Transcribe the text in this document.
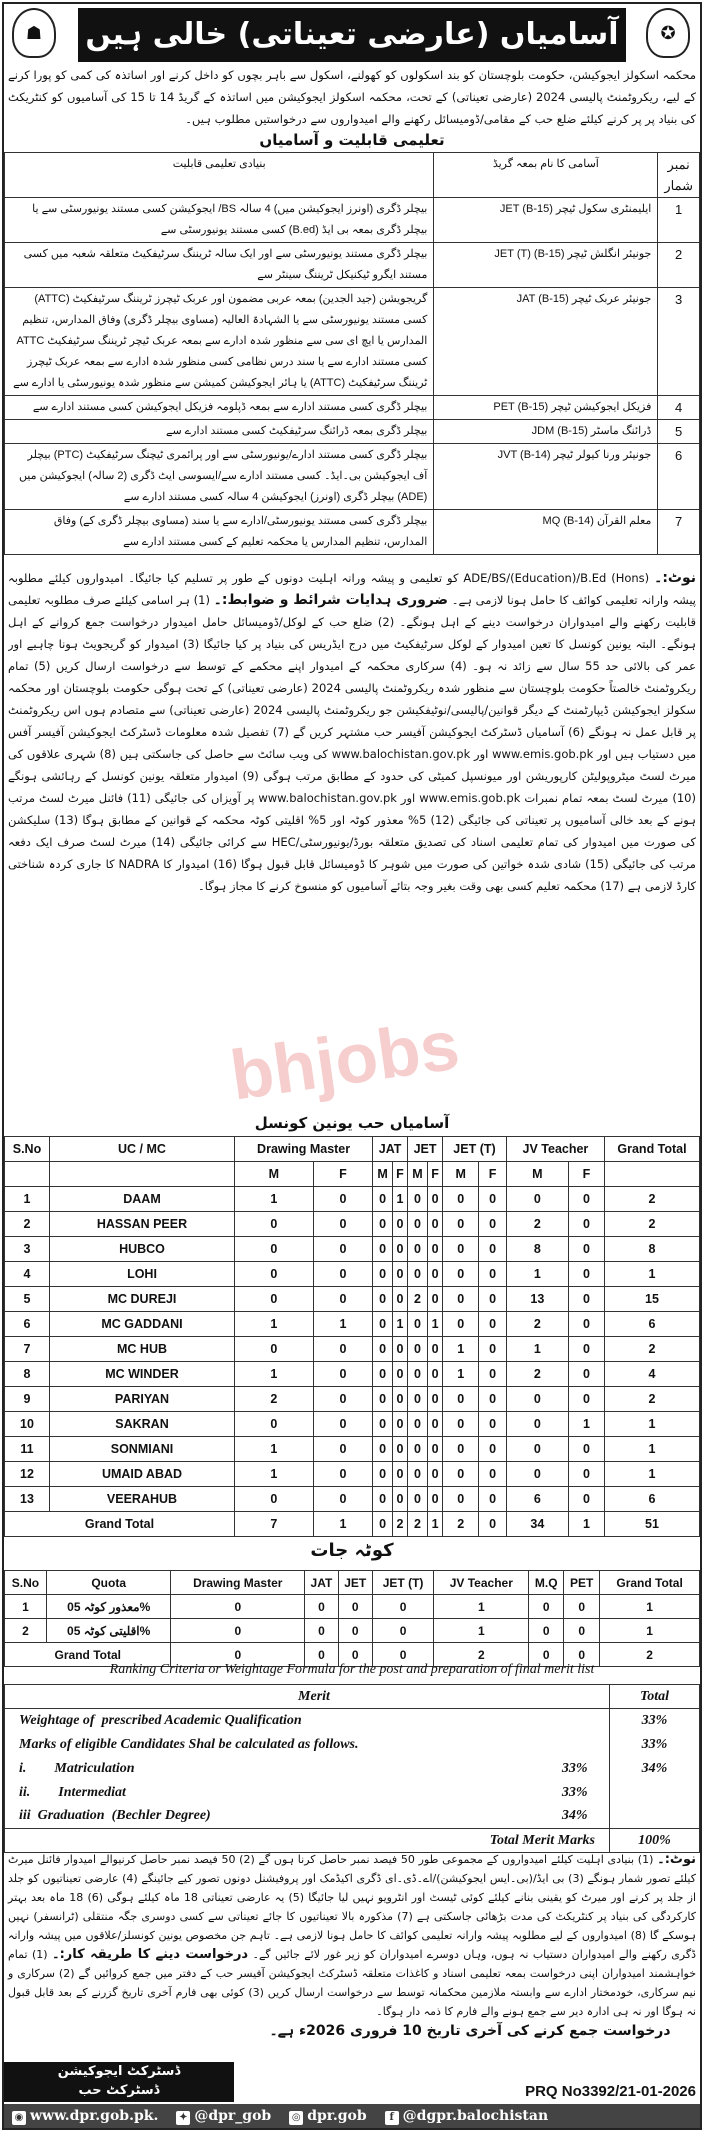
☗	آسامیاں (عارضی تعیناتی) خالی ہیں	✪
محکمہ اسکولز ایجوکیشن، حکومت بلوچستان کو بند اسکولوں کو کھولنے، اسکول سے باہر بچوں کو داخل کرنے اور اساتذہ کی کمی کو پورا کرنے کے لیے، ریکروٹمنٹ پالیسی 2024 (عارضی تعیناتی) کے تحت، محکمہ اسکولز ایجوکیشن میں اساتذہ کے گریڈ 14 تا 15 کی آسامیوں کو کنٹریکٹ کی بنیاد پر پر کرنے کیلئے ضلع حب کے مقامی/ڈومیسائل رکھنے والے امیدواروں سے درخواستیں مطلوب ہیں۔
تعلیمی قابلیت و آسامیاں
نمبر شمار	آسامی کا نام بمعہ گریڈ	بنیادی تعلیمی قابلیت
1	ایلیمنٹری سکول ٹیچر JET (B-15)	بیچلر ڈگری (اونرز ایجوکیشن میں) 4 سالہ BS/ ایجوکیشن کسی مستند یونیورسٹی سے یا بیچلر ڈگری بمعہ بی ایڈ (B.ed) کسی مستند یونیورسٹی سے
2	جونیئر انگلش ٹیچر JET (T) (B-15)	بیچلر ڈگری مستند یونیورسٹی سے اور ایک سالہ ٹریننگ سرٹیفکیٹ متعلقہ شعبہ میں کسی مستند ایگرو ٹیکنیکل ٹریننگ سینٹر سے
3	جونیئر عربک ٹیچر JAT (B-15)	گریجویشن (جید الجدین) بمعہ عربی مضمون اور عربک ٹیچرز ٹریننگ سرٹیفکیٹ (ATTC) کسی مستند یونیورسٹی سے یا الشہادۃ العالیہ (مساوی بیچلر ڈگری) وفاق المدارس، تنظیم المدارس یا ایچ ای سی سے منظور شدہ ادارے سے بمعہ عربک ٹیچر ٹریننگ سرٹیفکیٹ ATTC کسی مستند ادارے سے یا سند درس نظامی کسی منظور شدہ ادارے سے بمعہ عربک ٹیچرز ٹریننگ سرٹیفکیٹ (ATTC) یا ہائر ایجوکیشن کمیشن سے منظور شدہ یونیورسٹی یا ادارے سے
4	فزیکل ایجوکیشن ٹیچر PET (B-15)	بیچلر ڈگری کسی مستند ادارے سے بمعہ ڈپلومہ فزیکل ایجوکیشن کسی مستند ادارے سے
5	ڈرائنگ ماسٹر JDM (B-15)	بیچلر ڈگری بمعہ ڈرائنگ سرٹیفکیٹ کسی مستند ادارے سے
6	جونیئر ورنا کیولر ٹیچر JVT (B-14)	بیچلر ڈگری کسی مستند ادارے/یونیورسٹی سے اور پرائمری ٹیچنگ سرٹیفکیٹ (PTC) بیچلر آف ایجوکیشن بی۔ایڈ۔ کسی مستند ادارے سے/ایسوسی ایٹ ڈگری (2 سالہ) ایجوکیشن میں (ADE) بیچلر ڈگری (اونرز) ایجوکیشن 4 سالہ کسی مستند ادارے سے
7	معلم القرآن MQ (B-14)	بیچلر ڈگری کسی مستند یونیورسٹی/ادارے سے یا سند (مساوی بیچلر ڈگری کے) وفاق المدارس، تنظیم المدارس یا محکمہ تعلیم کے کسی مستند ادارے سے
نوٹ:۔ ADE/BS/(Education)/B.Ed (Hons) کو تعلیمی و پیشہ ورانہ اہلیت دونوں کے طور پر تسلیم کیا جائیگا۔ امیدواروں کیلئے مطلوبہ پیشہ وارانہ تعلیمی کوائف کا حامل ہونا لازمی ہے۔ ضروری ہدایات شرائط و ضوابط:۔ (1) ہر اسامی کیلئے صرف مطلوبہ تعلیمی قابلیت رکھنے والے امیدواران درخواست دینے کے اہل ہونگے۔ (2) ضلع حب کے لوکل/ڈومیسائل حامل امیدوار درخواست جمع کروانے کے اہل ہونگے۔ البتہ یونین کونسل کا تعین امیدوار کے لوکل سرٹیفکیٹ میں درج ایڈریس کی بنیاد پر کیا جائیگا (3) امیدوار کو گریجویٹ ہونا چاہیے اور عمر کی بالائی حد 55 سال سے زائد نہ ہو۔ (4) سرکاری محکمہ کے امیدوار اپنے محکمے کے توسط سے درخواست ارسال کریں (5) تمام ریکروٹمنٹ خالصتاً حکومت بلوچستان سے منظور شدہ ریکروٹمنٹ پالیسی 2024 (عارضی تعیناتی) کے تحت ہوگی حکومت بلوچستان اور محکمہ سکولز ایجوکیشن ڈیپارٹمنٹ کے دیگر قوانین/پالیسی/نوٹیفکیشن جو ریکروٹمنٹ پالیسی 2024 (عارضی تعیناتی) سے متصادم ہوں اس ریکروٹمنٹ پر قابل عمل نہ ہونگے (6) آسامیاں ڈسٹرکٹ ایجوکیشن آفیسر حب مشتہر کریں گے (7) تفصیل شدہ معلومات ڈسٹرکٹ ایجوکیشن آفیسر آفس میں دستیاب ہیں اور www.emis.gob.pk اور www.balochistan.gov.pk کی ویب سائٹ سے حاصل کی جاسکتی ہیں (8) شہری علاقوں کی میرٹ لسٹ میٹروپولیٹن کارپوریشن اور میونسپل کمیٹی کی حدود کے مطابق مرتب ہوگی (9) امیدوار متعلقہ یونین کونسل کے رہائشی ہونگے (10) میرٹ لسٹ بمعہ تمام نمبرات www.emis.gob.pk اور www.balochistan.gov.pk پر آویزاں کی جائیگی (11) فائنل میرٹ لسٹ مرتب ہونے کے بعد خالی آسامیوں پر تعیناتی کی جائیگی (12) 5% معذور کوٹہ اور 5% اقلیتی کوٹہ محکمہ کے قوانین کے مطابق ہوگا (13) سلیکشن کی صورت میں امیدوار کی تمام تعلیمی اسناد کی تصدیق متعلقہ بورڈ/یونیورسٹی/HEC سے کرائی جائیگی (14) میرٹ لسٹ صرف ایک دفعہ مرتب کی جائیگی (15) شادی شدہ خواتین کی صورت میں شوہر کا ڈومیسائل قابل قبول ہوگا (16) امیدوار کا NADRA کا جاری کردہ شناختی کارڈ لازمی ہے (17) محکمہ تعلیم کسی بھی وقت بغیر وجہ بتائے آسامیوں کو منسوخ کرنے کا مجاز ہوگا۔
bhjobs
آسامیاں حب یونین کونسل
S.No	UC / MC	Drawing Master		JAT		JET		JET (T)		JV Teacher		Grand Total
		M	F	M	F	M	F	M	F	M	F	
1	DAAM	1	0	0	1	0	0	0	0	0	0	2
2	HASSAN PEER	0	0	0	0	0	0	0	0	2	0	2
3	HUBCO	0	0	0	0	0	0	0	0	8	0	8
4	LOHI	0	0	0	0	0	0	0	0	1	0	1
5	MC DUREJI	0	0	0	0	2	0	0	0	13	0	15
6	MC GADDANI	1	1	0	1	0	1	0	0	2	0	6
7	MC HUB	0	0	0	0	0	0	1	0	1	0	2
8	MC WINDER	1	0	0	0	0	0	1	0	2	0	4
9	PARIYAN	2	0	0	0	0	0	0	0	0	0	2
10	SAKRAN	0	0	0	0	0	0	0	0	0	1	1
11	SONMIANI	1	0	0	0	0	0	0	0	0	0	1
12	UMAID ABAD	1	0	0	0	0	0	0	0	0	0	1
13	VEERAHUB	0	0	0	0	0	0	0	0	6	0	6
Grand Total		7	1	0	2	2	1	2	0	34	1	51
کوٹہ جات
S.No	Quota	Drawing Master	JAT	JET	JET (T)	JV Teacher	M.Q	PET	Grand Total
1	معذور کوٹہ 05%	0	0	0	0	1	0	0	1
2	اقلیتی کوٹہ 05%	0	0	0	0	1	0	0	1
Grand Total		0	0	0	0	2	0	0	2
Ranking Criteria or Weightage Formula for the post and preparation of final merit list
Merit		Total
Weightage of  prescribed Academic Qualification		33%
Marks of eligible Candidates Shal be calculated as follows.		33%
i.        Matriculation	33%	34%
ii.        Intermediat	33%	
iii  Graduation  (Bechler Degree)	34%	
Total Merit Marks		100%
نوٹ:۔ (1) بنیادی اہلیت کیلئے امیدواروں کے مجموعی طور 50 فیصد نمبر حاصل کرنا ہوں گے (2) 50 فیصد نمبر حاصل کرنیوالے امیدوار فائنل میرٹ کیلئے تصور شمار ہونگے (3) بی ایڈ/(بی۔ایس ایجوکیشن)/اے۔ڈی۔ای ڈگری اکیڈمک اور پروفیشنل دونوں تصور کیے جائینگے (4) عارضی تعیناتیوں کو جلد از جلد پر کرنے اور میرٹ کو یقینی بنانے کیلئے کوئی ٹیسٹ اور انٹرویو نہیں لیا جائیگا (5) یہ عارضی تعیناتی 18 ماہ کیلئے ہوگی (6) 18 ماہ بعد بہتر کارکردگی کی بنیاد پر کنٹریکٹ کی مدت بڑھائی جاسکتی ہے (7) مذکورہ بالا تعیناتیوں کا جائے تعیناتی سے کسی دوسری جگہ منتقلی (ٹرانسفر) نہیں ہوسکے گا (8) امیدواروں کے لیے مطلوبہ پیشہ وارانہ تعلیمی کوائف کا حامل ہونا لازمی ہے۔ تاہم جن مخصوص یونین کونسلز/علاقوں میں پیشہ وارانہ ڈگری رکھنے والے امیدواران دستیاب نہ ہوں، وہاں دوسرے امیدواران کو زیر غور لائے جائیں گے۔ درخواست دینے کا طریقہ کار:۔ (1) تمام خواہشمند امیدواران اپنی درخواست بمعہ تعلیمی اسناد و کاغذات متعلقہ ڈسٹرکٹ ایجوکیشن آفیسر حب کے دفتر میں جمع کروائیں گے (2) سرکاری و نیم سرکاری، خودمختار ادارے سے وابستہ ملازمین محکمانہ توسط سے درخواست ارسال کریں (3) کوئی بھی فارم آخری تاریخ گزرنے کے بعد قابل قبول نہ ہوگا اور نہ ہی ادارہ دیر سے جمع ہونے والے فارم کا ذمہ دار ہوگا۔
درخواست جمع کرنے کی آخری تاریخ 10 فروری 2026ء ہے۔
ڈسٹرکٹ ایجوکیشن
ڈسٹرکٹ حب	PRQ No3392/21-01-2026
◉ www.dpr.gob.pk. ✦ @dpr_gob ◎ dpr.gob	f @dgpr.balochistan
